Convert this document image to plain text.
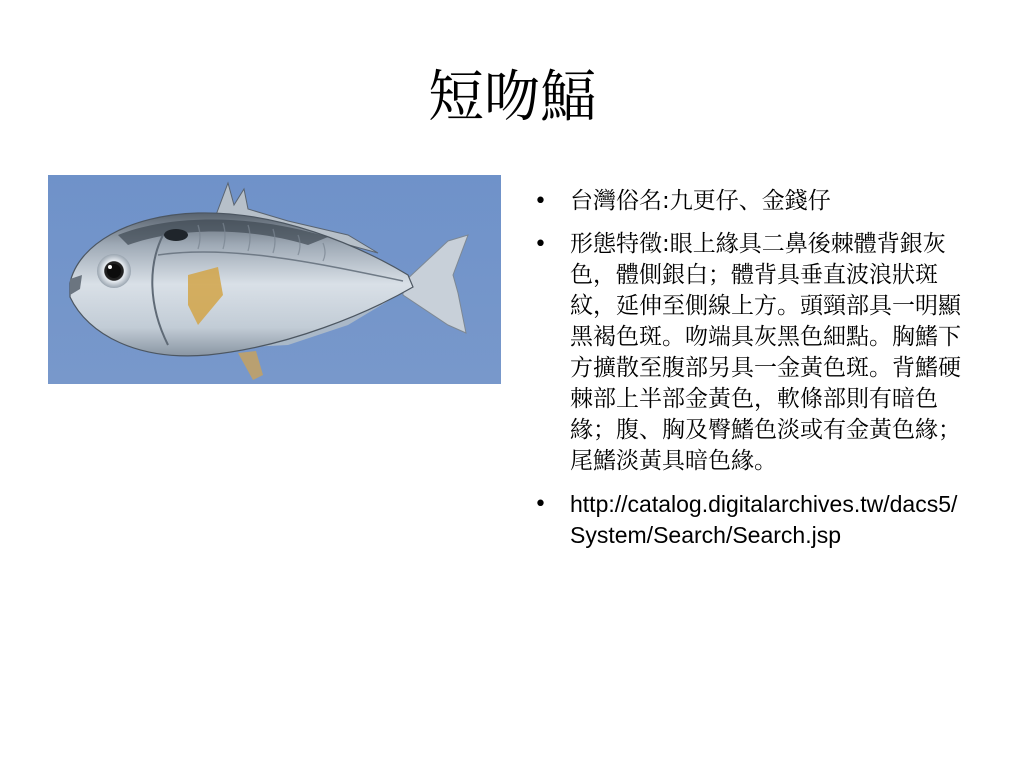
短吻鰏
• 台灣俗名:九更仔、金錢仔
• 形態特徵:眼上緣具二鼻後棘體背銀灰色，體側銀白；體背具垂直波浪狀斑紋，延伸至側線上方。頭頸部具一明顯黑褐色斑。吻端具灰黑色細點。胸鰭下方擴散至腹部另具一金黃色斑。背鰭硬棘部上半部金黃色，軟條部則有暗色緣；腹、胸及臀鰭色淡或有金黃色緣；尾鰭淡黃具暗色緣。
• http://catalog.digitalarchives.tw/dacs5/System/Search/Search.jsp
